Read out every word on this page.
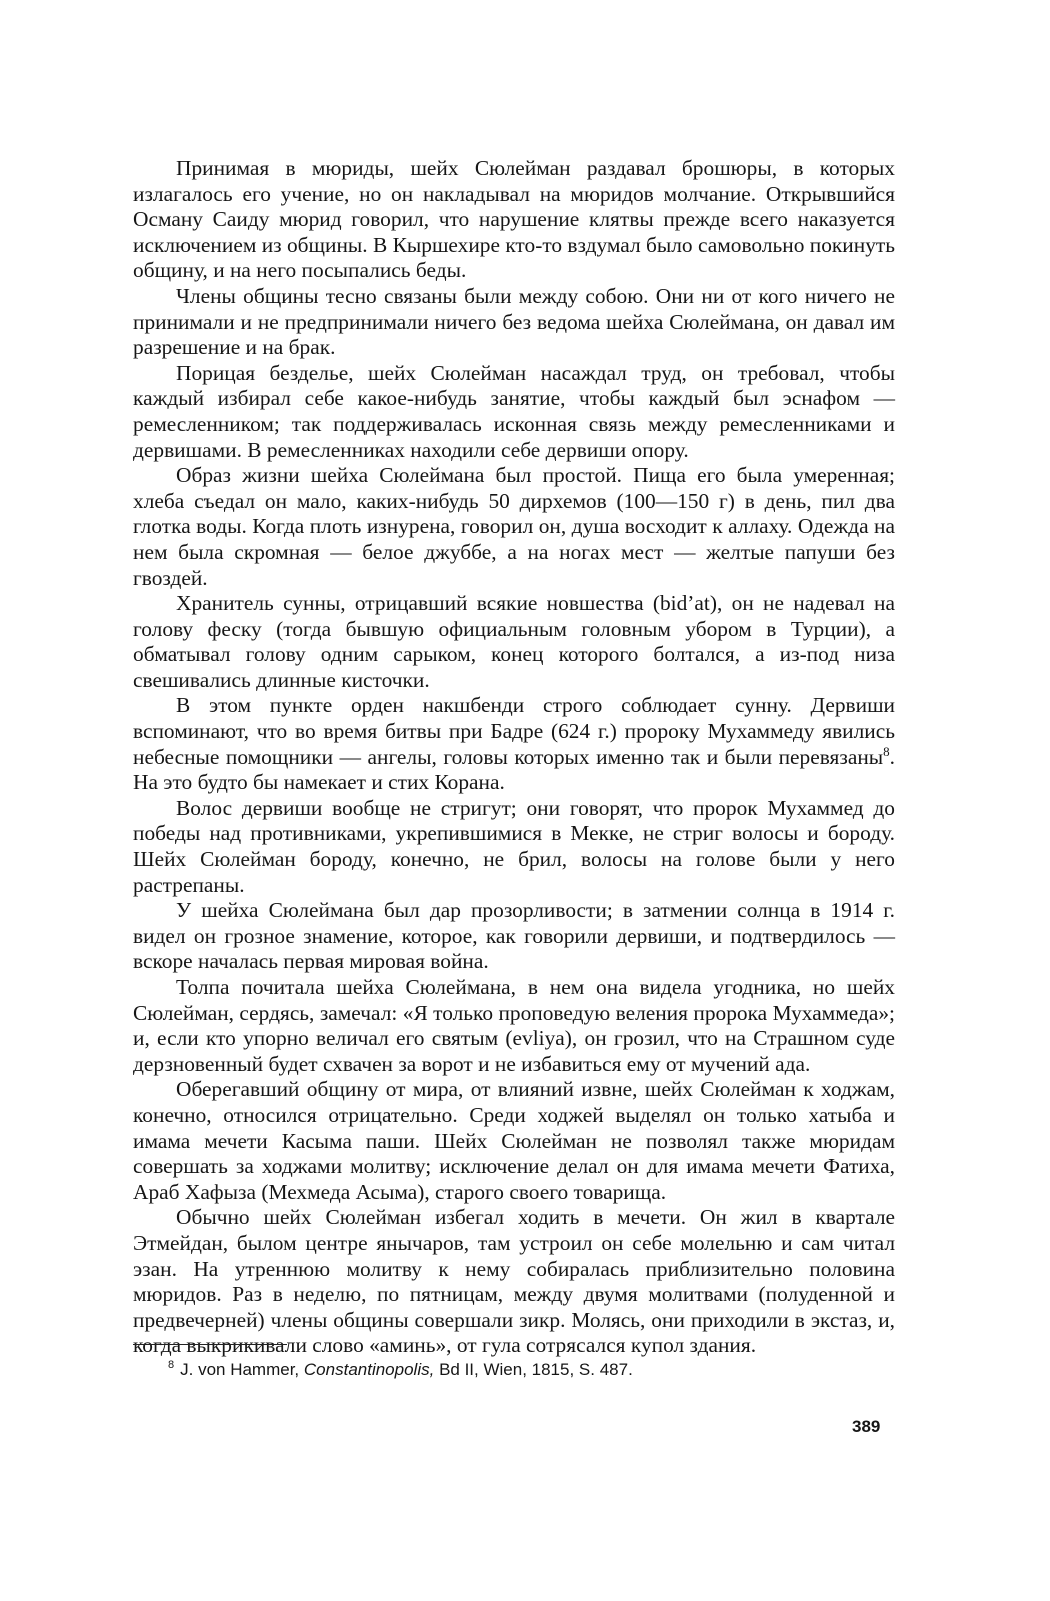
Принимая в мюриды, шейх Сюлейман раздавал брошюры, в которых излагалось его учение, но он накладывал на мюридов молчание. Открывшийся Осману Саиду мюрид говорил, что нарушение клятвы прежде всего наказуется исключением из общины. В Кыршехире кто-то вздумал было самовольно покинуть общину, и на него посыпались беды.

Члены общины тесно связаны были между собою. Они ни от кого ничего не принимали и не предпринимали ничего без ведома шейха Сюлеймана, он давал им разрешение и на брак.

Порицая безделье, шейх Сюлейман насаждал труд, он требовал, чтобы каждый избирал себе какое-нибудь занятие, чтобы каждый был эснафом — ремесленником; так поддерживалась исконная связь между ремесленниками и дервишами. В ремесленниках находили себе дервиши опору.

Образ жизни шейха Сюлеймана был простой. Пища его была умеренная; хлеба съедал он мало, каких-нибудь 50 дирхемов (100—150 г) в день, пил два глотка воды. Когда плоть изнурена, говорил он, душа восходит к аллаху. Одежда на нем была скромная — белое джуббе, а на ногах мест — желтые папуши без гвоздей.

Хранитель сунны, отрицавший всякие новшества (bid’at), он не надевал на голову феску (тогда бывшую официальным головным убором в Турции), а обматывал голову одним сарыком, конец которого болтался, а из-под низа свешивались длинные кисточки.

В этом пункте орден накшбенди строго соблюдает сунну. Дервиши вспоминают, что во время битвы при Бадре (624 г.) пророку Мухаммеду явились небесные помощники — ангелы, головы которых именно так и были перевязаны$^8$. На это будто бы намекает и стих Корана.

Волос дервиши вообще не стригут; они говорят, что пророк Мухаммед до победы над противниками, укрепившимися в Мекке, не стриг волосы и бороду. Шейх Сюлейман бороду, конечно, не брил, волосы на голове были у него растрепаны.

У шейха Сюлеймана был дар прозорливости; в затмении солнца в 1914 г. видел он грозное знамение, которое, как говорили дервиши, и подтвердилось — вскоре началась первая мировая война.

Толпа почитала шейха Сюлеймана, в нем она видела угодника, но шейх Сюлейман, сердясь, замечал: «Я только проповедую веления пророка Мухаммеда»; и, если кто упорно величал его святым (evliya), он грозил, что на Страшном суде дерзновенный будет схвачен за ворот и не избавиться ему от мучений ада.

Оберегавший общину от мира, от влияний извне, шейх Сюлейман к ходжам, конечно, относился отрицательно. Среди ходжей выделял он только хатыба и имама мечети Касыма паши. Шейх Сюлейман не позволял также мюридам совершать за ходжами молитву; исключение делал он для имама мечети Фатиха, Араб Хафыза (Мехмеда Асыма), старого своего товарища.

Обычно шейх Сюлейман избегал ходить в мечети. Он жил в квартале Этмейдан, былом центре янычаров, там устроил он себе молельню и сам читал эзан. На утреннюю молитву к нему собиралась приблизительно половина мюридов. Раз в неделю, по пятницам, между двумя молитвами (полуденной и предвечерней) члены общины совершали зикр. Молясь, они приходили в экстаз, и, когда выкрикивали слово «аминь», от гула сотрясался купол здания.

$^8$ J. von Hammer, Constantinopolis, Bd II, Wien, 1815, S. 487.

389
